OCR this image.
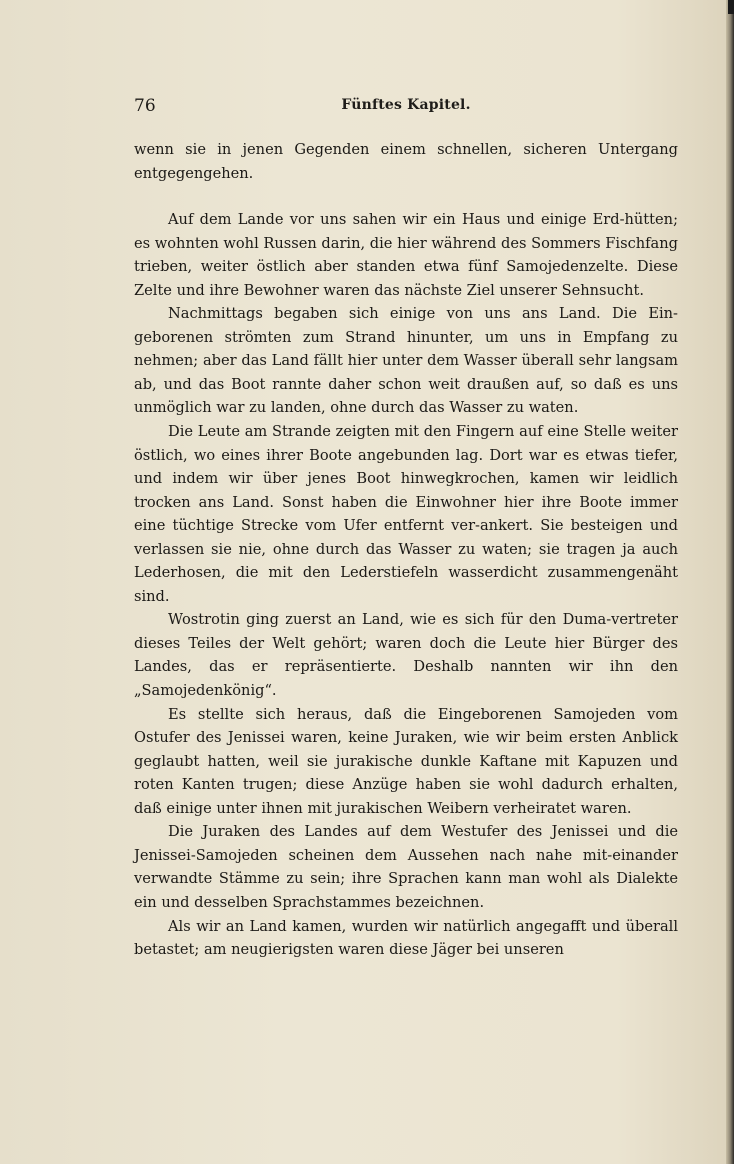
76	Fünftes Kapitel.

wenn sie in jenen Gegenden einem schnellen, sicheren Untergang entgegengehen.

Auf dem Lande vor uns sahen wir ein Haus und einige Erd-hütten; es wohnten wohl Russen darin, die hier während des Sommers Fischfang trieben, weiter östlich aber standen etwa fünf Samojedenzelte. Diese Zelte und ihre Bewohner waren das nächste Ziel unserer Sehnsucht.

Nachmittags begaben sich einige von uns ans Land. Die Ein-geborenen strömten zum Strand hinunter, um uns in Empfang zu nehmen; aber das Land fällt hier unter dem Wasser überall sehr langsam ab, und das Boot rannte daher schon weit draußen auf, so daß es uns unmöglich war zu landen, ohne durch das Wasser zu waten.

Die Leute am Strande zeigten mit den Fingern auf eine Stelle weiter östlich, wo eines ihrer Boote angebunden lag. Dort war es etwas tiefer, und indem wir über jenes Boot hinwegkrochen, kamen wir leidlich trocken ans Land. Sonst haben die Einwohner hier ihre Boote immer eine tüchtige Strecke vom Ufer entfernt ver-ankert. Sie besteigen und verlassen sie nie, ohne durch das Wasser zu waten; sie tragen ja auch Lederhosen, die mit den Lederstiefeln wasserdicht zusammengenäht sind.

Wostrotin ging zuerst an Land, wie es sich für den Duma-vertreter dieses Teiles der Welt gehört; waren doch die Leute hier Bürger des Landes, das er repräsentierte. Deshalb nannten wir ihn den „Samojedenkönig“.

Es stellte sich heraus, daß die Eingeborenen Samojeden vom Ostufer des Jenissei waren, keine Juraken, wie wir beim ersten Anblick geglaubt hatten, weil sie jurakische dunkle Kaftane mit Kapuzen und roten Kanten trugen; diese Anzüge haben sie wohl dadurch erhalten, daß einige unter ihnen mit jurakischen Weibern verheiratet waren.

Die Juraken des Landes auf dem Westufer des Jenissei und die Jenissei-Samojeden scheinen dem Aussehen nach nahe mit-einander verwandte Stämme zu sein; ihre Sprachen kann man wohl als Dialekte ein und desselben Sprachstammes bezeichnen.

Als wir an Land kamen, wurden wir natürlich angegafft und überall betastet; am neugierigsten waren diese Jäger bei unseren
